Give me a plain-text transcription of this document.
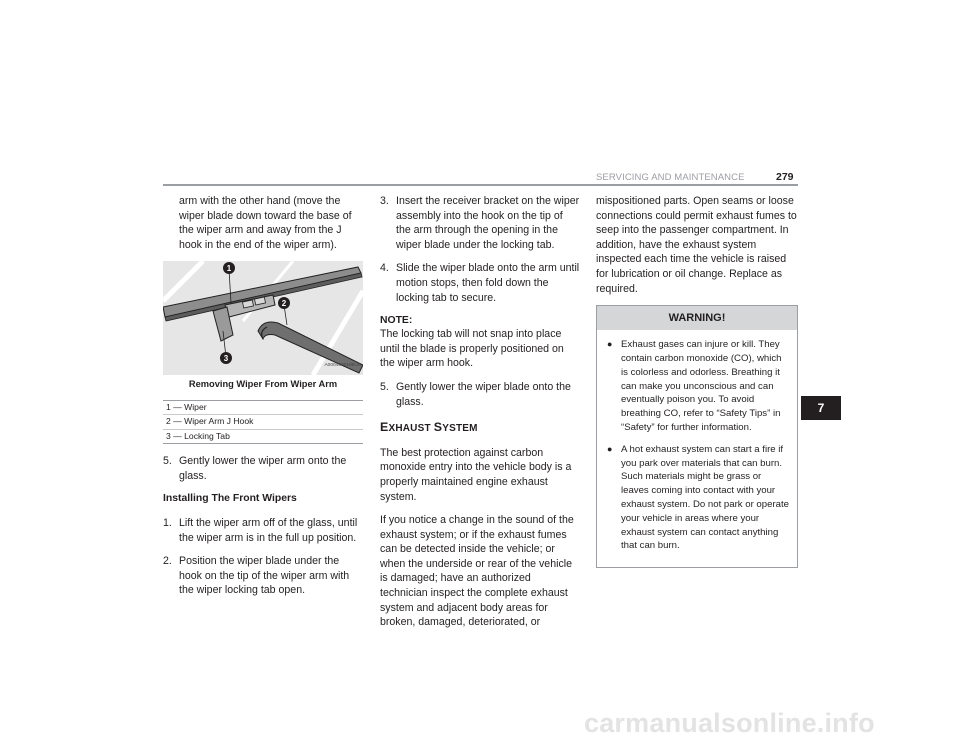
SERVICING AND MAINTENANCE	279

arm with the other hand (move the wiper blade down toward the base of the wiper arm and away from the J hook in the end of the wiper arm).

1
2
3
A0004000199US
Removing Wiper From Wiper Arm
1 — Wiper
2 — Wiper Arm J Hook
3 — Locking Tab
5. Gently lower the wiper arm onto the glass.
Installing The Front Wipers
1. Lift the wiper arm off of the glass, until the wiper arm is in the full up position.
2. Position the wiper blade under the hook on the tip of the wiper arm with the wiper locking tab open.
3. Insert the receiver bracket on the wiper assembly into the hook on the tip of the arm through the opening in the wiper blade under the locking tab.
4. Slide the wiper blade onto the arm until motion stops, then fold down the locking tab to secure.
NOTE:

The locking tab will not snap into place until the blade is properly positioned on the wiper arm hook.

5. Gently lower the wiper blade onto the glass.
EXHAUST SYSTEM

The best protection against carbon monoxide entry into the vehicle body is a properly maintained engine exhaust system.

If you notice a change in the sound of the exhaust system; or if the exhaust fumes can be detected inside the vehicle; or when the underside or rear of the vehicle is damaged; have an authorized technician inspect the complete exhaust system and adjacent body areas for broken, damaged, deteriorated, or

mispositioned parts. Open seams or loose connections could permit exhaust fumes to seep into the passenger compartment. In addition, have the exhaust system inspected each time the vehicle is raised for lubrication or oil change. Replace as required.

WARNING!
● Exhaust gases can injure or kill. They contain carbon monoxide (CO), which is colorless and odorless. Breathing it can make you unconscious and can eventually poison you. To avoid breathing CO, refer to “Safety Tips” in “Safety” for further information.
● A hot exhaust system can start a fire if you park over materials that can burn. Such materials might be grass or leaves coming into contact with your exhaust system. Do not park or operate your vehicle in areas where your exhaust system can contact anything that can burn.
7
carmanualsonline.info
